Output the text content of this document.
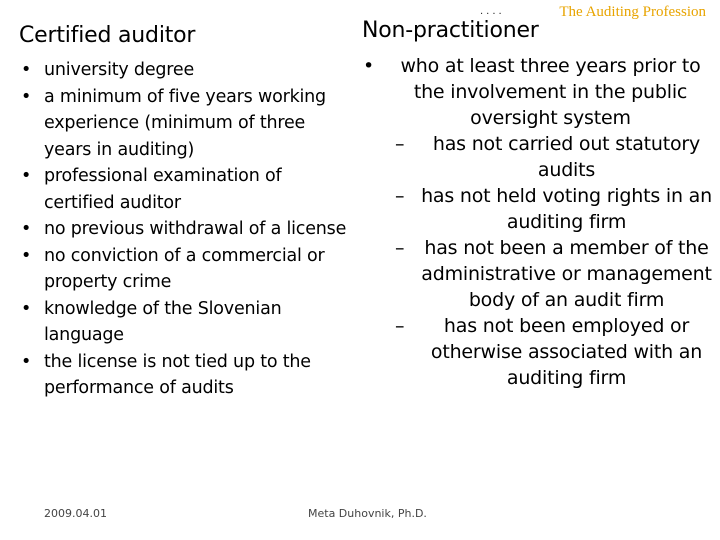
The Auditing Profession
....
Certified auditor
• university degree
• a minimum of five years working experience (minimum of three years in auditing)
• professional examination of certified auditor
• no previous withdrawal of a license
• no conviction of a commercial or property crime
• knowledge of the Slovenian language
• the license is not tied up to the performance of audits
Non-practitioner
• who at least three years prior to the involvement in the public oversight system
– has not carried out statutory audits
– has not held voting rights in an auditing firm
– has not been a member of the administrative or management body of an audit firm
– has not been employed or otherwise associated with an auditing firm
2009.04.01	Meta Duhovnik, Ph.D.
